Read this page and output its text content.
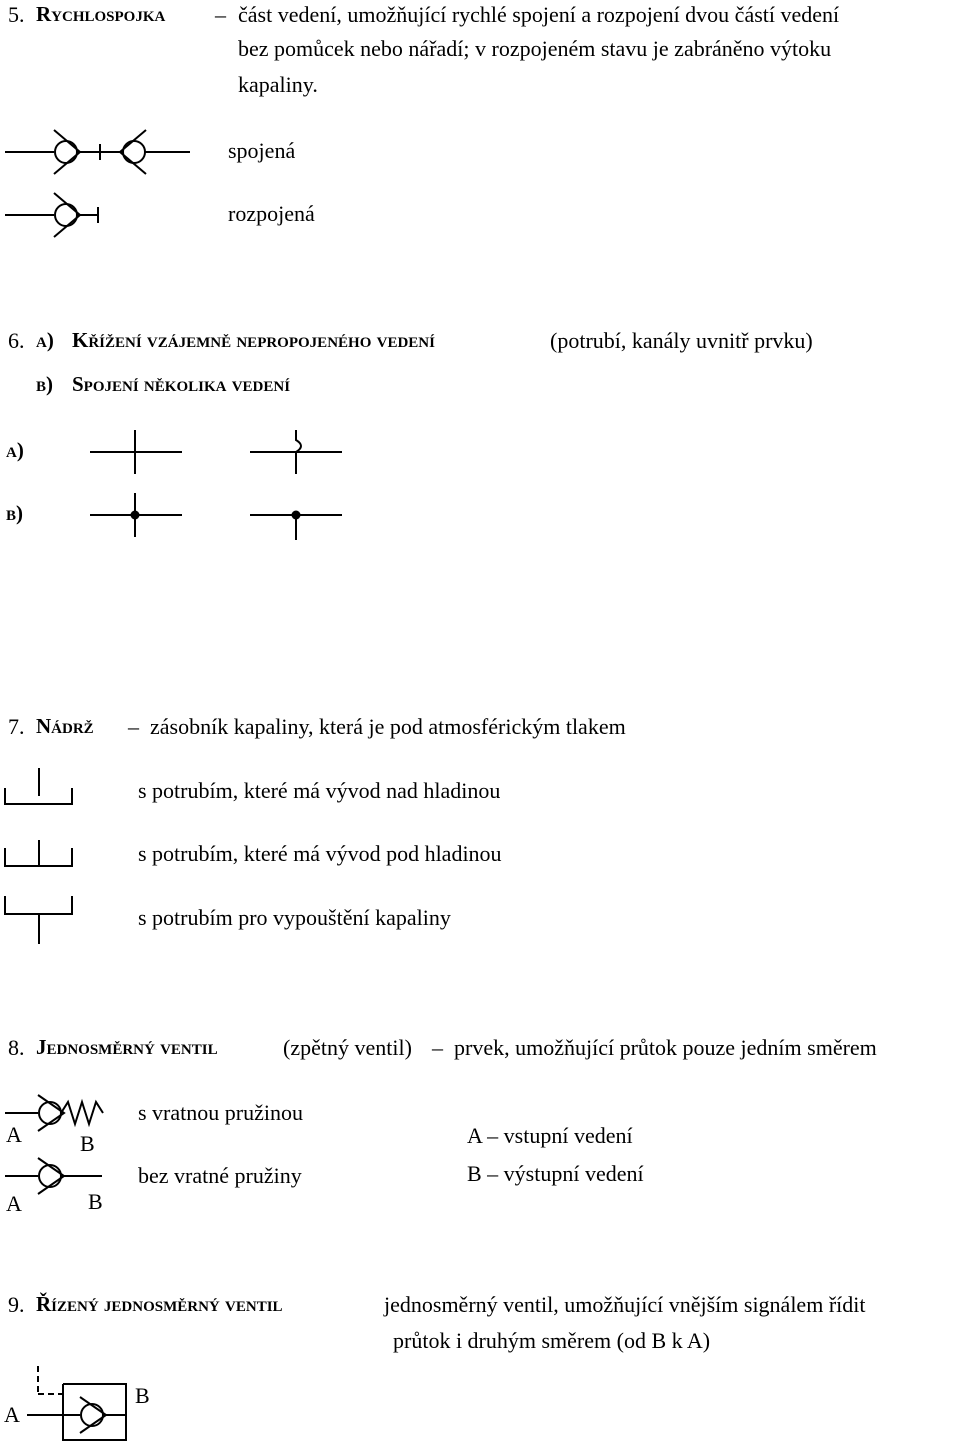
5. Rychlospojka – část vedení, umožňující rychlé spojení a rozpojení dvou částí vedení
bez pomůcek nebo nářadí; v rozpojeném stavu je zabráněno výtoku
kapaliny.
spojená
rozpojená
6. a) Křížení vzájemně nepropojeného vedení	(potrubí, kanály uvnitř prvku)
b) Spojení několika vedení
a)
b)
7. Nádrž – zásobník kapaliny, která je pod atmosférickým tlakem
s potrubím, které má vývod nad hladinou
s potrubím, které má vývod pod hladinou
s potrubím pro vypouštění kapaliny
8. Jednosměrný ventil	(zpětný ventil) – prvek, umožňující průtok pouze jedním směrem
A	B
A	B
s vratnou pružinou
bez vratné pružiny
A – vstupní vedení
B – výstupní vedení
9. Řízený jednosměrný ventil	jednosměrný ventil, umožňující vnějším signálem řídit
průtok i druhým směrem (od B k A)
A
B
